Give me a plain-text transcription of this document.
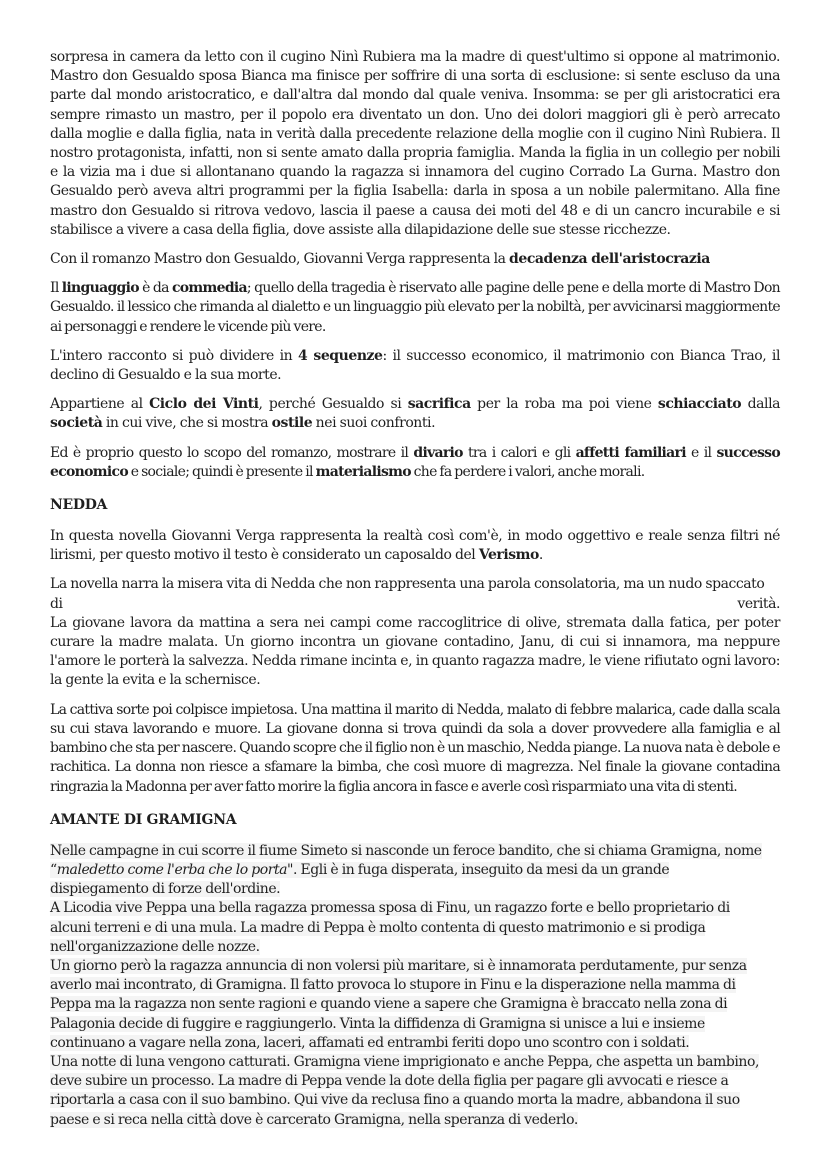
sorpresa in camera da letto con il cugino Ninì Rubiera ma la madre di quest'ultimo si oppone al matrimonio. Mastro don Gesualdo sposa Bianca ma finisce per soffrire di una sorta di esclusione: si sente escluso da una parte dal mondo aristocratico, e dall'altra dal mondo dal quale veniva. Insomma: se per gli aristocratici era sempre rimasto un mastro, per il popolo era diventato un don. Uno dei dolori maggiori gli è però arrecato dalla moglie e dalla figlia, nata in verità dalla precedente relazione della moglie con il cugino Ninì Rubiera. Il nostro protagonista, infatti, non si sente amato dalla propria famiglia. Manda la figlia in un collegio per nobili e la vizia ma i due si allontanano quando la ragazza si innamora del cugino Corrado La Gurna. Mastro don Gesualdo però aveva altri programmi per la figlia Isabella: darla in sposa a un nobile palermitano. Alla fine mastro don Gesualdo si ritrova vedovo, lascia il paese a causa dei moti del 48 e di un cancro incurabile e si stabilisce a vivere a casa della figlia, dove assiste alla dilapidazione delle sue stesse ricchezze.

Con il romanzo Mastro don Gesualdo, Giovanni Verga rappresenta la decadenza dell'aristocrazia

Il linguaggio è da commedia; quello della tragedia è riservato alle pagine delle pene e della morte di Mastro Don Gesualdo. il lessico che rimanda al dialetto e un linguaggio più elevato per la nobiltà, per avvicinarsi maggiormente ai personaggi e rendere le vicende più vere.

L'intero racconto si può dividere in 4 sequenze: il successo economico, il matrimonio con Bianca Trao, il declino di Gesualdo e la sua morte.

Appartiene al Ciclo dei Vinti, perché Gesualdo si sacrifica per la roba ma poi viene schiacciato dalla società in cui vive, che si mostra ostile nei suoi confronti.

Ed è proprio questo lo scopo del romanzo, mostrare il divario tra i calori e gli affetti familiari e il successo economico e sociale; quindi è presente il materialismo che fa perdere i valori, anche morali.

NEDDA

In questa novella Giovanni Verga rappresenta la realtà così com'è, in modo oggettivo e reale senza filtri né lirismi, per questo motivo il testo è considerato un caposaldo del Verismo.

La novella narra la misera vita di Nedda che non rappresenta una parola consolatoria, ma un nudo spaccato
di	verità.
La giovane lavora da mattina a sera nei campi come raccoglitrice di olive, stremata dalla fatica, per poter curare la madre malata. Un giorno incontra un giovane contadino, Janu, di cui si innamora, ma neppure l'amore le porterà la salvezza. Nedda rimane incinta e, in quanto ragazza madre, le viene rifiutato ogni lavoro: la gente la evita e la schernisce.

La cattiva sorte poi colpisce impietosa. Una mattina il marito di Nedda, malato di febbre malarica, cade dalla scala su cui stava lavorando e muore. La giovane donna si trova quindi da sola a dover provvedere alla famiglia e al bambino che sta per nascere. Quando scopre che il figlio non è un maschio, Nedda piange. La nuova nata è debole e rachitica. La donna non riesce a sfamare la bimba, che così muore di magrezza. Nel finale la giovane contadina ringrazia la Madonna per aver fatto morire la figlia ancora in fasce e averle così risparmiato una vita di stenti.

AMANTE DI GRAMIGNA

Nelle campagne in cui scorre il fiume Simeto si nasconde un feroce bandito, che si chiama Gramigna, nome

“maledetto come l'erba che lo porta". Egli è in fuga disperata, inseguito da mesi da un grande

dispiegamento di forze dell'ordine.

A Licodia vive Peppa una bella ragazza promessa sposa di Finu, un ragazzo forte e bello proprietario di

alcuni terreni e di una mula. La madre di Peppa è molto contenta di questo matrimonio e si prodiga

nell'organizzazione delle nozze.

Un giorno però la ragazza annuncia di non volersi più maritare, si è innamorata perdutamente, pur senza

averlo mai incontrato, di Gramigna. Il fatto provoca lo stupore in Finu e la disperazione nella mamma di

Peppa ma la ragazza non sente ragioni e quando viene a sapere che Gramigna è braccato nella zona di

Palagonia decide di fuggire e raggiungerlo. Vinta la diffidenza di Gramigna si unisce a lui e insieme

continuano a vagare nella zona, laceri, affamati ed entrambi feriti dopo uno scontro con i soldati.

Una notte di luna vengono catturati. Gramigna viene imprigionato e anche Peppa, che aspetta un bambino,

deve subire un processo. La madre di Peppa vende la dote della figlia per pagare gli avvocati e riesce a

riportarla a casa con il suo bambino. Qui vive da reclusa fino a quando morta la madre, abbandona il suo

paese e si reca nella città dove è carcerato Gramigna, nella speranza di vederlo.
